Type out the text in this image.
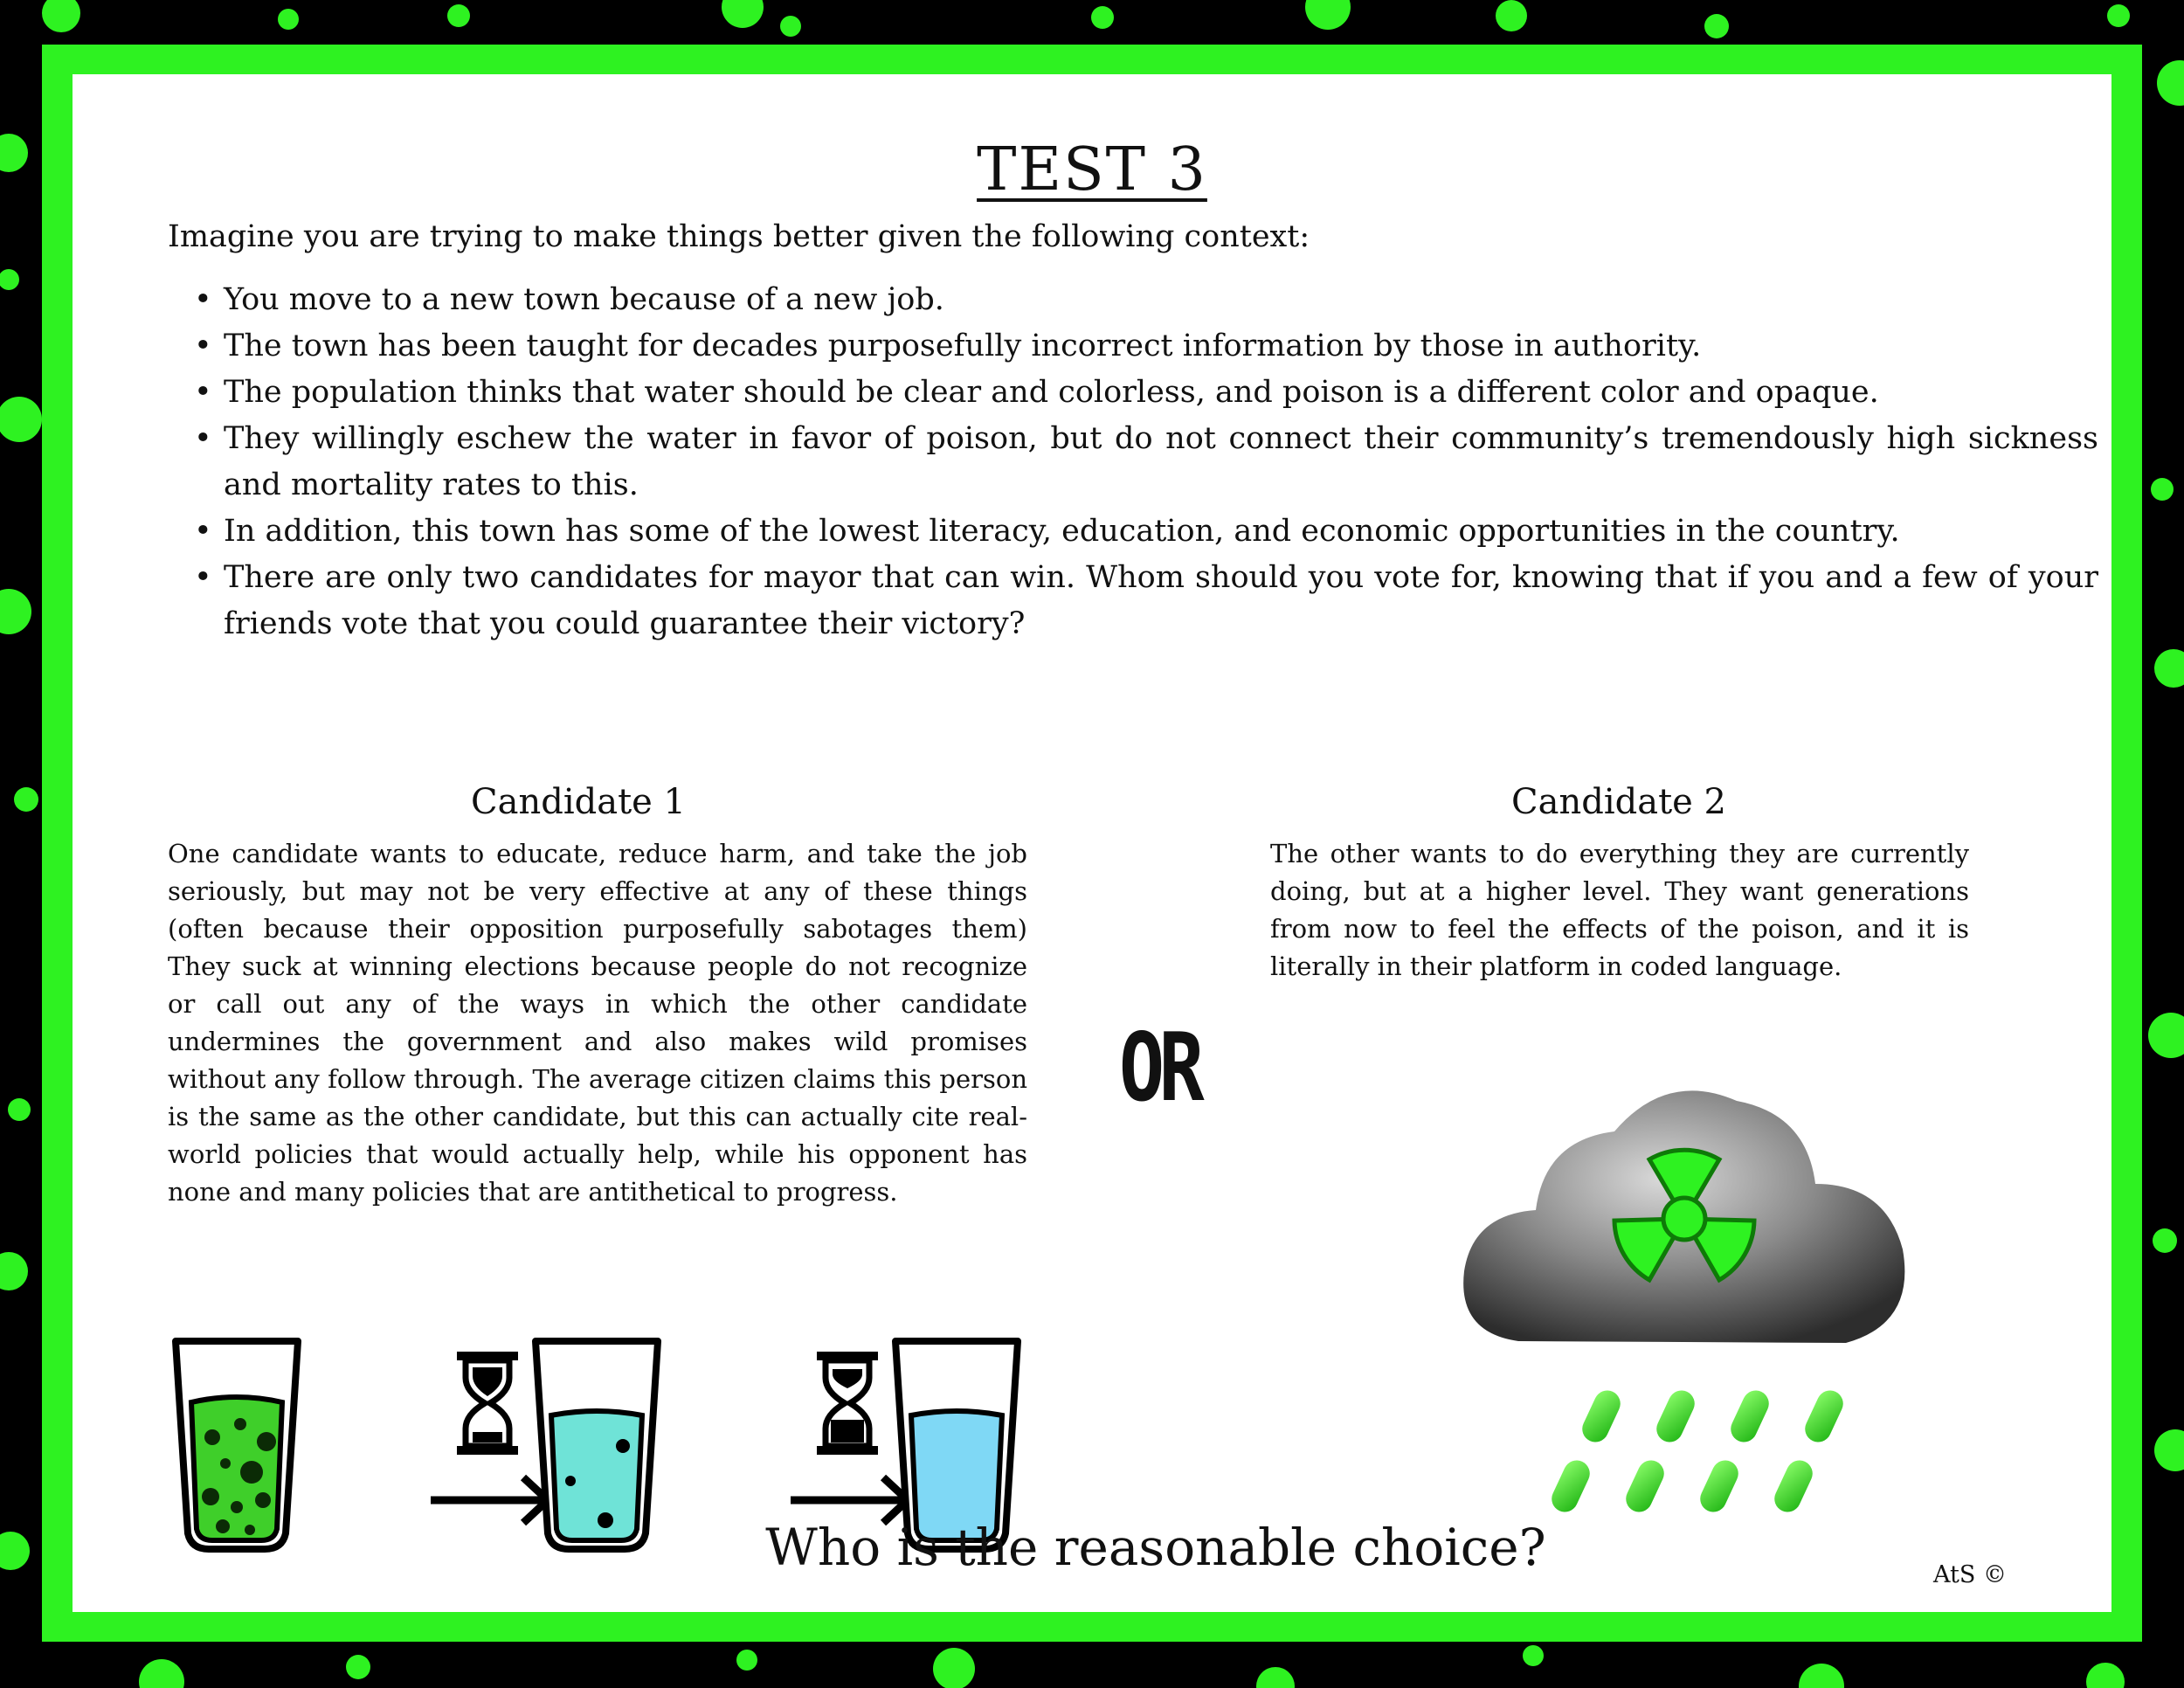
TEST 3
Imagine you are trying to make things better given the following context:
• You move to a new town because of a new job.
• The town has been taught for decades purposefully incorrect information by those in authority.
• The population thinks that water should be clear and colorless, and poison is a different color and opaque.
• They willingly eschew the water in favor of poison, but do not connect their community’s tremendously high sickness and mortality rates to this.
• In addition, this town has some of the lowest literacy, education, and economic opportunities in the country.
• There are only two candidates for mayor that can win. Whom should you vote for, knowing that if you and a few of your friends vote that you could guarantee their victory?
Candidate 1
One candidate wants to educate, reduce harm, and take the job seriously, but may not be very effective at any of these things (often because their opposition purposefully sabotages them) They suck at winning elections because people do not recognize or call out any of the ways in which the other candidate undermines the government and also makes wild promises without any follow through. The average citizen claims this person is the same as the other candidate, but this can actually cite real-world policies that would actually help, while his opponent has none and many policies that are antithetical to progress.
OR
Candidate 2
The other wants to do everything they are currently doing, but at a higher level. They want generations from now to feel the effects of the poison, and it is literally in their platform in coded language.
Who is the reasonable choice?	AtS ©
